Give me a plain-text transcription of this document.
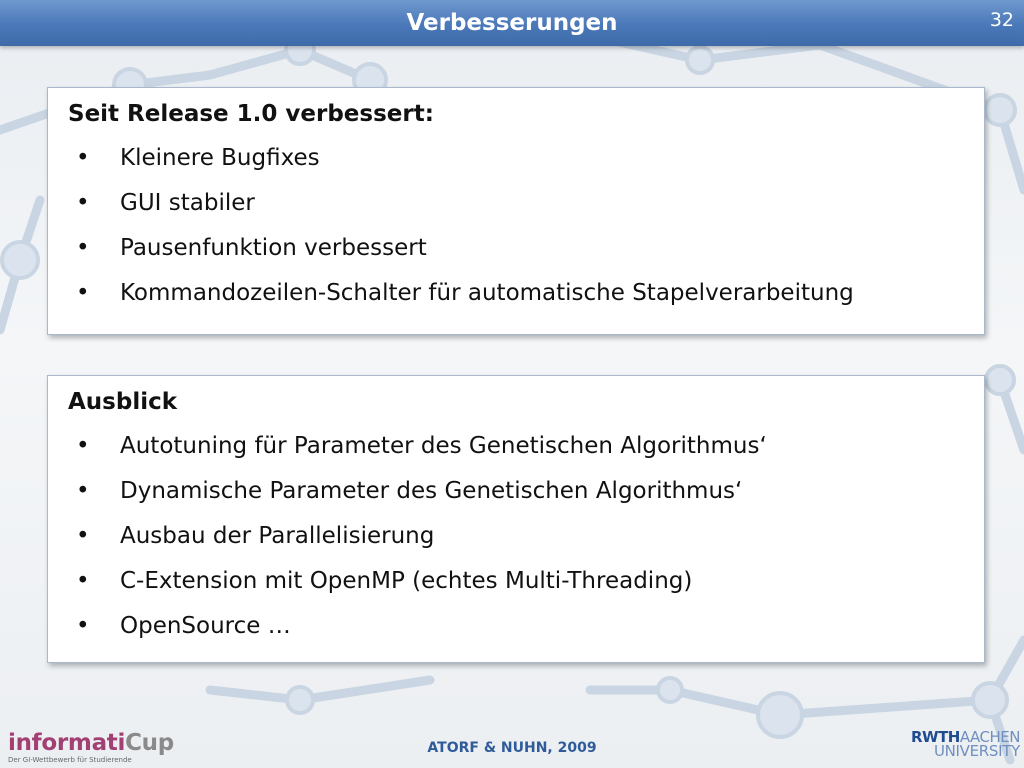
Verbesserungen	32
Seit Release 1.0 verbessert:
• Kleinere Bugfixes
• GUI stabiler
• Pausenfunktion verbessert
• Kommandozeilen-Schalter für automatische Stapelverarbeitung
Ausblick
• Autotuning für Parameter des Genetischen Algorithmus‘
• Dynamische Parameter des Genetischen Algorithmus‘
• Ausbau der Parallelisierung
• C-Extension mit OpenMP (echtes Multi-Threading)
• OpenSource …
informatiCup
Der GI-Wettbewerb für Studierende
ATORF & NUHN, 2009
RWTHAACHEN
UNIVERSITY
